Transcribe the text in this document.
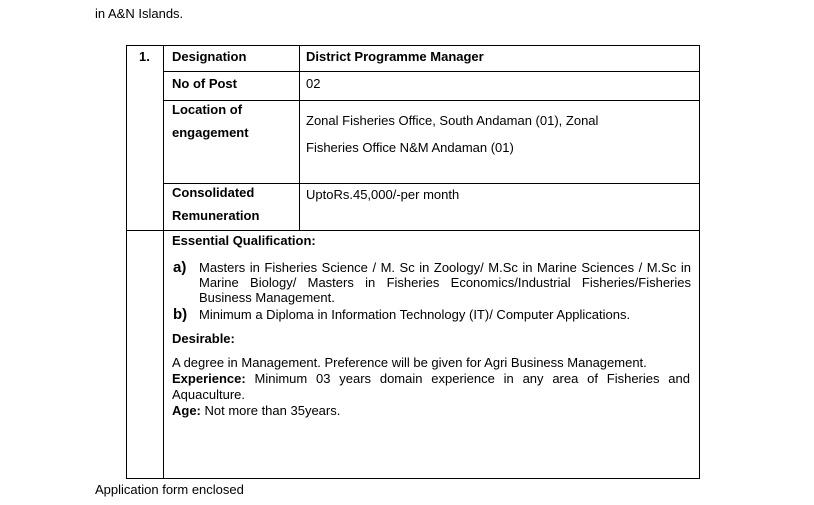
in A&N Islands.
1. Designation	District Programme Manager
No of Post	02
Location of
engagement
Zonal Fisheries Office, South Andaman (01), Zonal
Fisheries Office N&M Andaman (01)
Consolidated
Remuneration
UptoRs.45,000/-per month
Essential Qualification:
a) Masters in Fisheries Science / M. Sc in Zoology/ M.Sc in Marine Sciences / M.Sc in Marine Biology/ Masters in Fisheries Economics/Industrial Fisheries/Fisheries Business Management.
b) Minimum a Diploma in Information Technology (IT)/ Computer Applications.
Desirable:
A degree in Management. Preference will be given for Agri Business Management.
Experience: Minimum 03 years domain experience in any area of Fisheries and Aquaculture.
Age: Not more than 35years.
Application form enclosed
